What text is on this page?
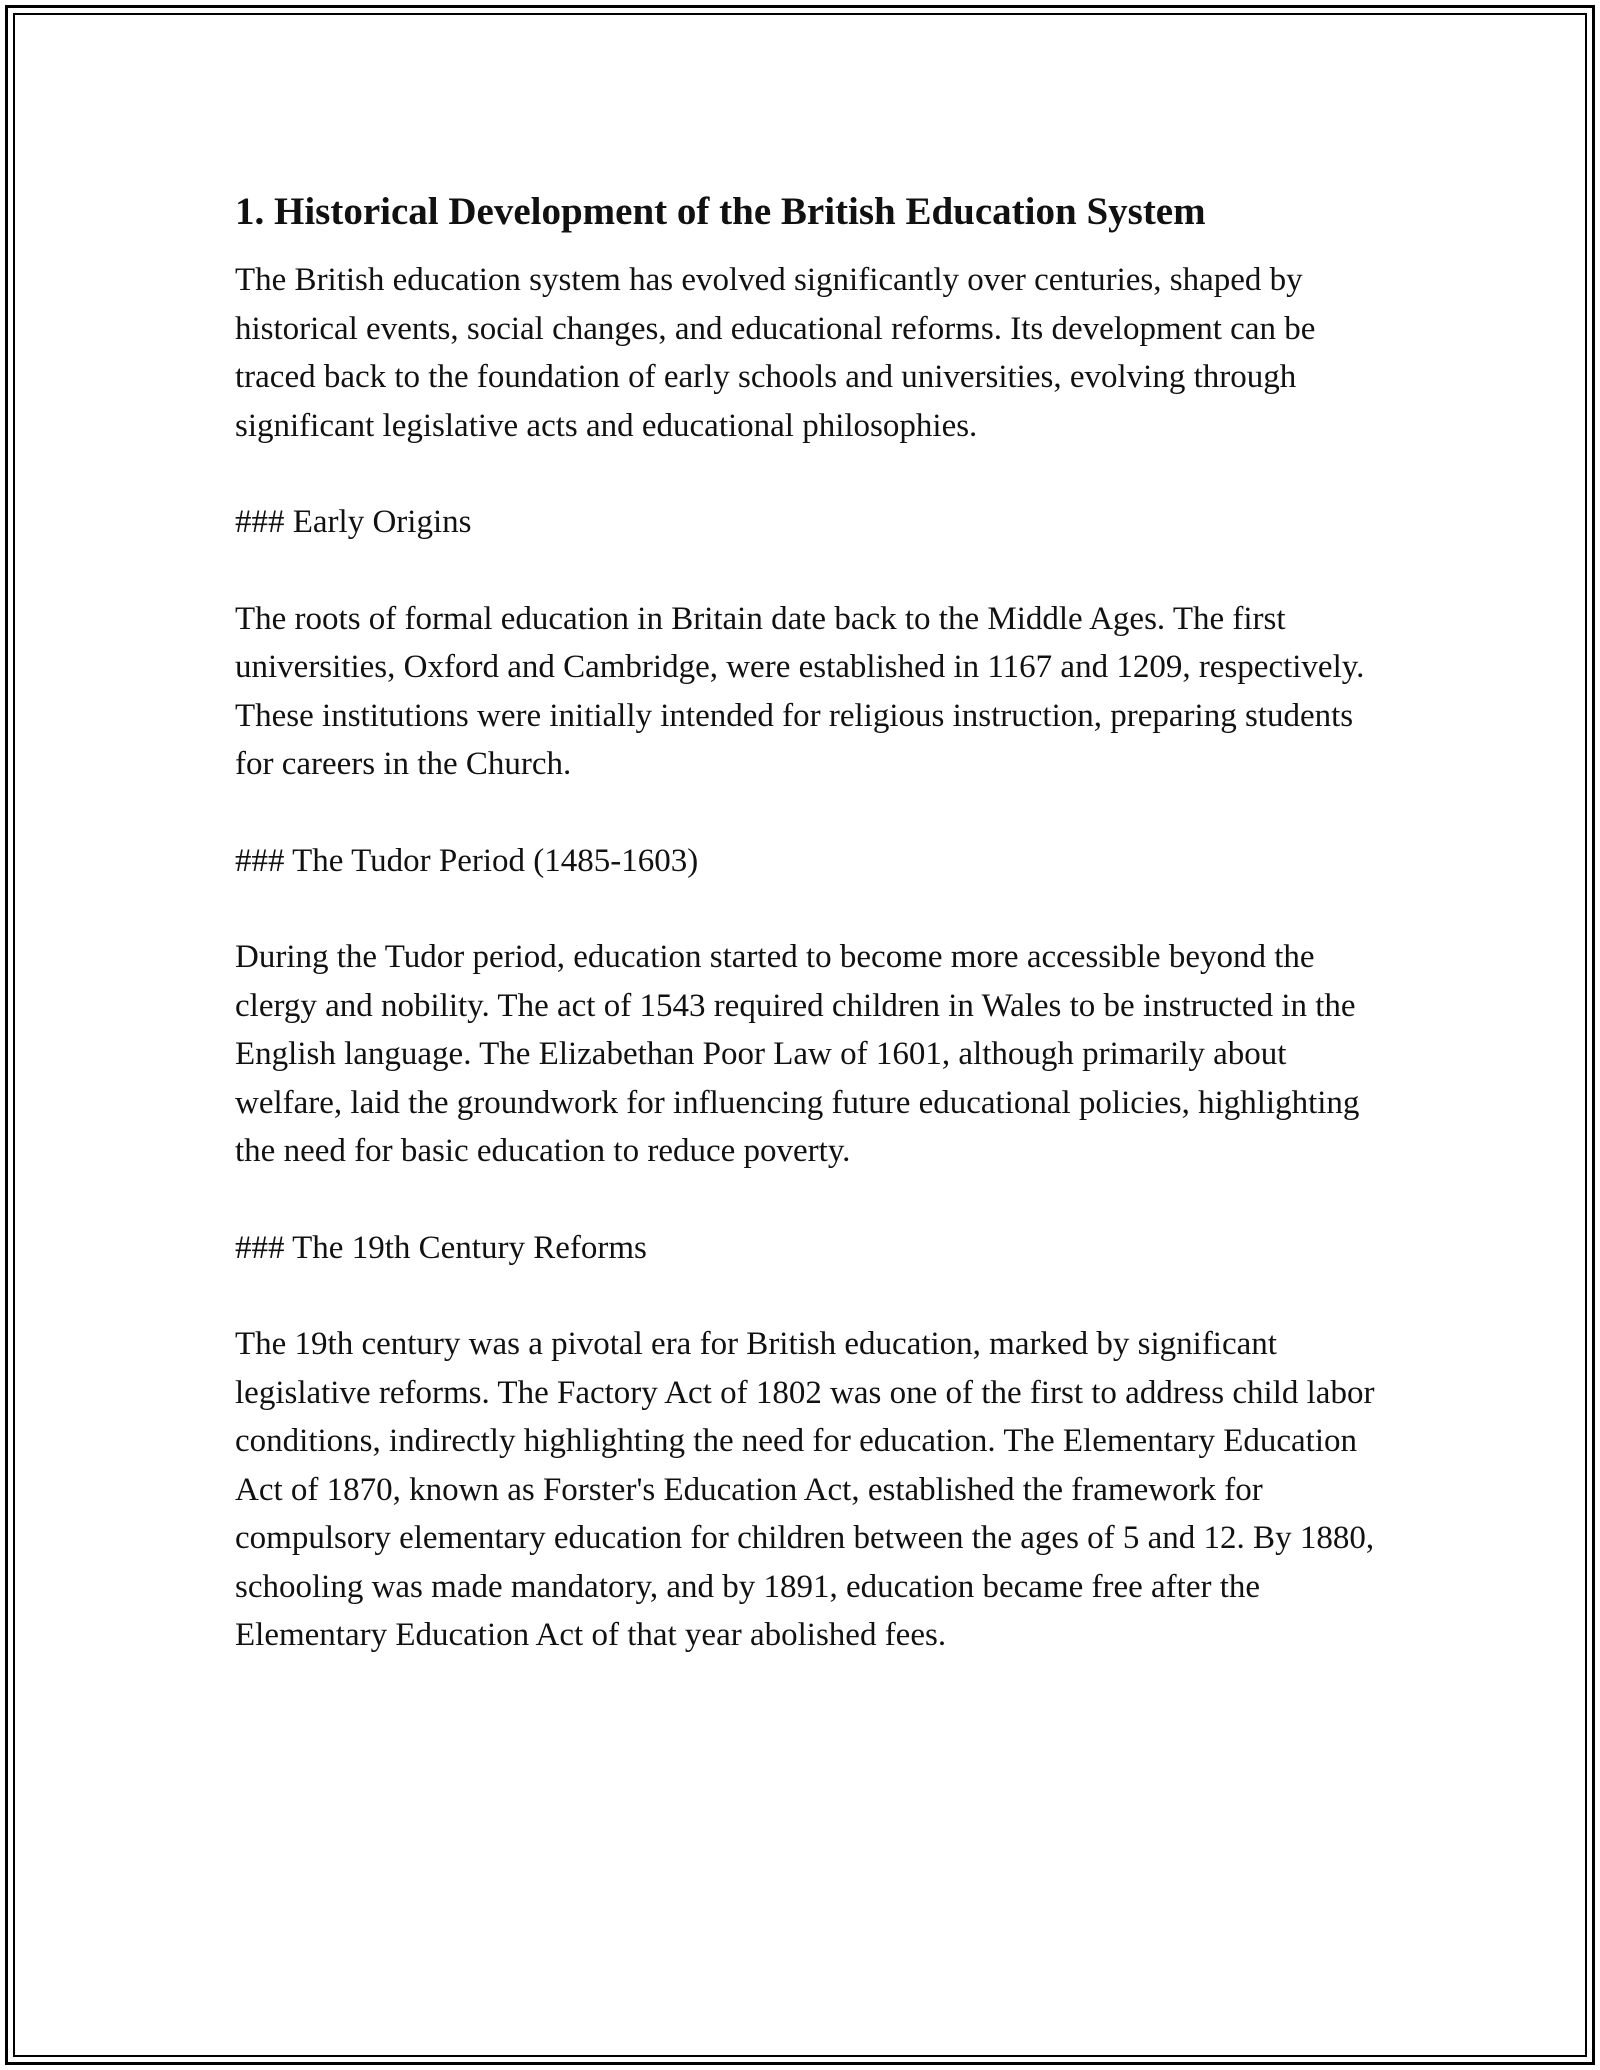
1. Historical Development of the British Education System

The British education system has evolved significantly over centuries, shaped by historical events, social changes, and educational reforms. Its development can be traced back to the foundation of early schools and universities, evolving through significant legislative acts and educational philosophies.

### Early Origins

The roots of formal education in Britain date back to the Middle Ages. The first universities, Oxford and Cambridge, were established in 1167 and 1209, respectively. These institutions were initially intended for religious instruction, preparing students for careers in the Church.

### The Tudor Period (1485-1603)

During the Tudor period, education started to become more accessible beyond the clergy and nobility. The act of 1543 required children in Wales to be instructed in the English language. The Elizabethan Poor Law of 1601, although primarily about welfare, laid the groundwork for influencing future educational policies, highlighting the need for basic education to reduce poverty.

### The 19th Century Reforms

The 19th century was a pivotal era for British education, marked by significant legislative reforms. The Factory Act of 1802 was one of the first to address child labor conditions, indirectly highlighting the need for education. The Elementary Education Act of 1870, known as Forster's Education Act, established the framework for compulsory elementary education for children between the ages of 5 and 12. By 1880, schooling was made mandatory, and by 1891, education became free after the Elementary Education Act of that year abolished fees.
